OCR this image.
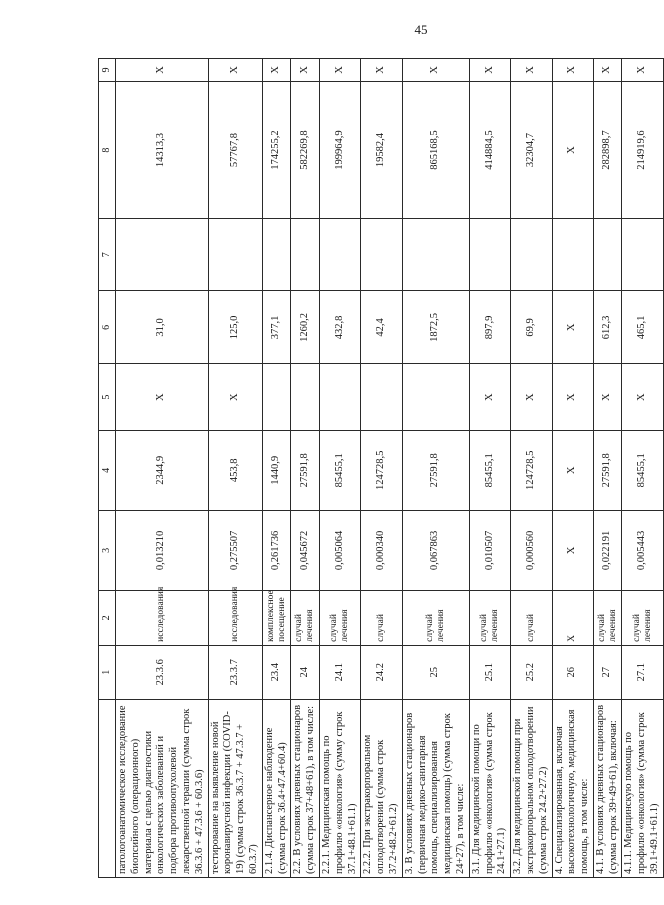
45
	1	2	3	4	5	6	7	8	9
патологоанатомическое исследование биопсийного (операционного) материала с целью диагностики онкологических заболеваний и подбора противоопухолевой лекарственной терапии (сумма строк 36.3.6 + 47.3.6 + 60.3.6)	23.3.6	исследования	0,013210	2344,9	X	31,0		14313,3	X
тестирование на выявление новой коронавирусной инфекции (COVID-19) (сумма строк 36.3.7 + 47.3.7 + 60.3.7)	23.3.7	исследования	0,275507	453,8	X	125,0		57767,8	X
2.1.4. Диспансерное наблюдение (сумма строк 36.4+47.4+60.4)	23.4	комплексное посещение	0,261736	1440,9		377,1		174255,2	X
2.2. В условиях дневных стационаров (сумма строк 37+48+61), в том числе:	24	случай лечения	0,045672	27591,8		1260,2		582269,8	X
2.2.1. Медицинская помощь по профилю «онкология» (сумму строк 37.1+48.1+61.1)	24.1	случай лечения	0,005064	85455,1		432,8		199964,9	X
2.2.2. При экстракорпоральном оплодотворении (сумма строк 37.2+48.2+61.2)	24.2	случай	0,000340	124728,5		42,4		19582,4	X
3. В условиях дневных стационаров (первичная медико-санитарная помощь, специализированная медицинская помощь) (сумма строк 24+27), в том числе:	25	случай лечения	0,067863	27591,8		1872,5		865168,5	X
3.1. Для медицинской помощи по профилю «онкология» (сумма строк 24.1+27.1)	25.1	случай лечения	0,010507	85455,1	X	897,9		414884,5	X
3.2. Для медицинской помощи при экстракорпоральном оплодотворении (сумма строк 24.2+27.2)	25.2	случай	0,000560	124728,5	X	69,9		32304,7	X
4. Специализированная, включая высокотехнологичную, медицинская помощь, в том числе:	26	X	X	X	X	X		X	X
4.1. В условиях дневных стационаров (сумма строк 39+49+61), включая:	27	случай лечения	0,022191	27591,8	X	612,3		282898,7	X
4.1.1. Медицинскую помощь по профилю «онкология» (сумма строк 39.1+49.1+61.1)	27.1	случай лечения	0,005443	85455,1	X	465,1		214919,6	X
